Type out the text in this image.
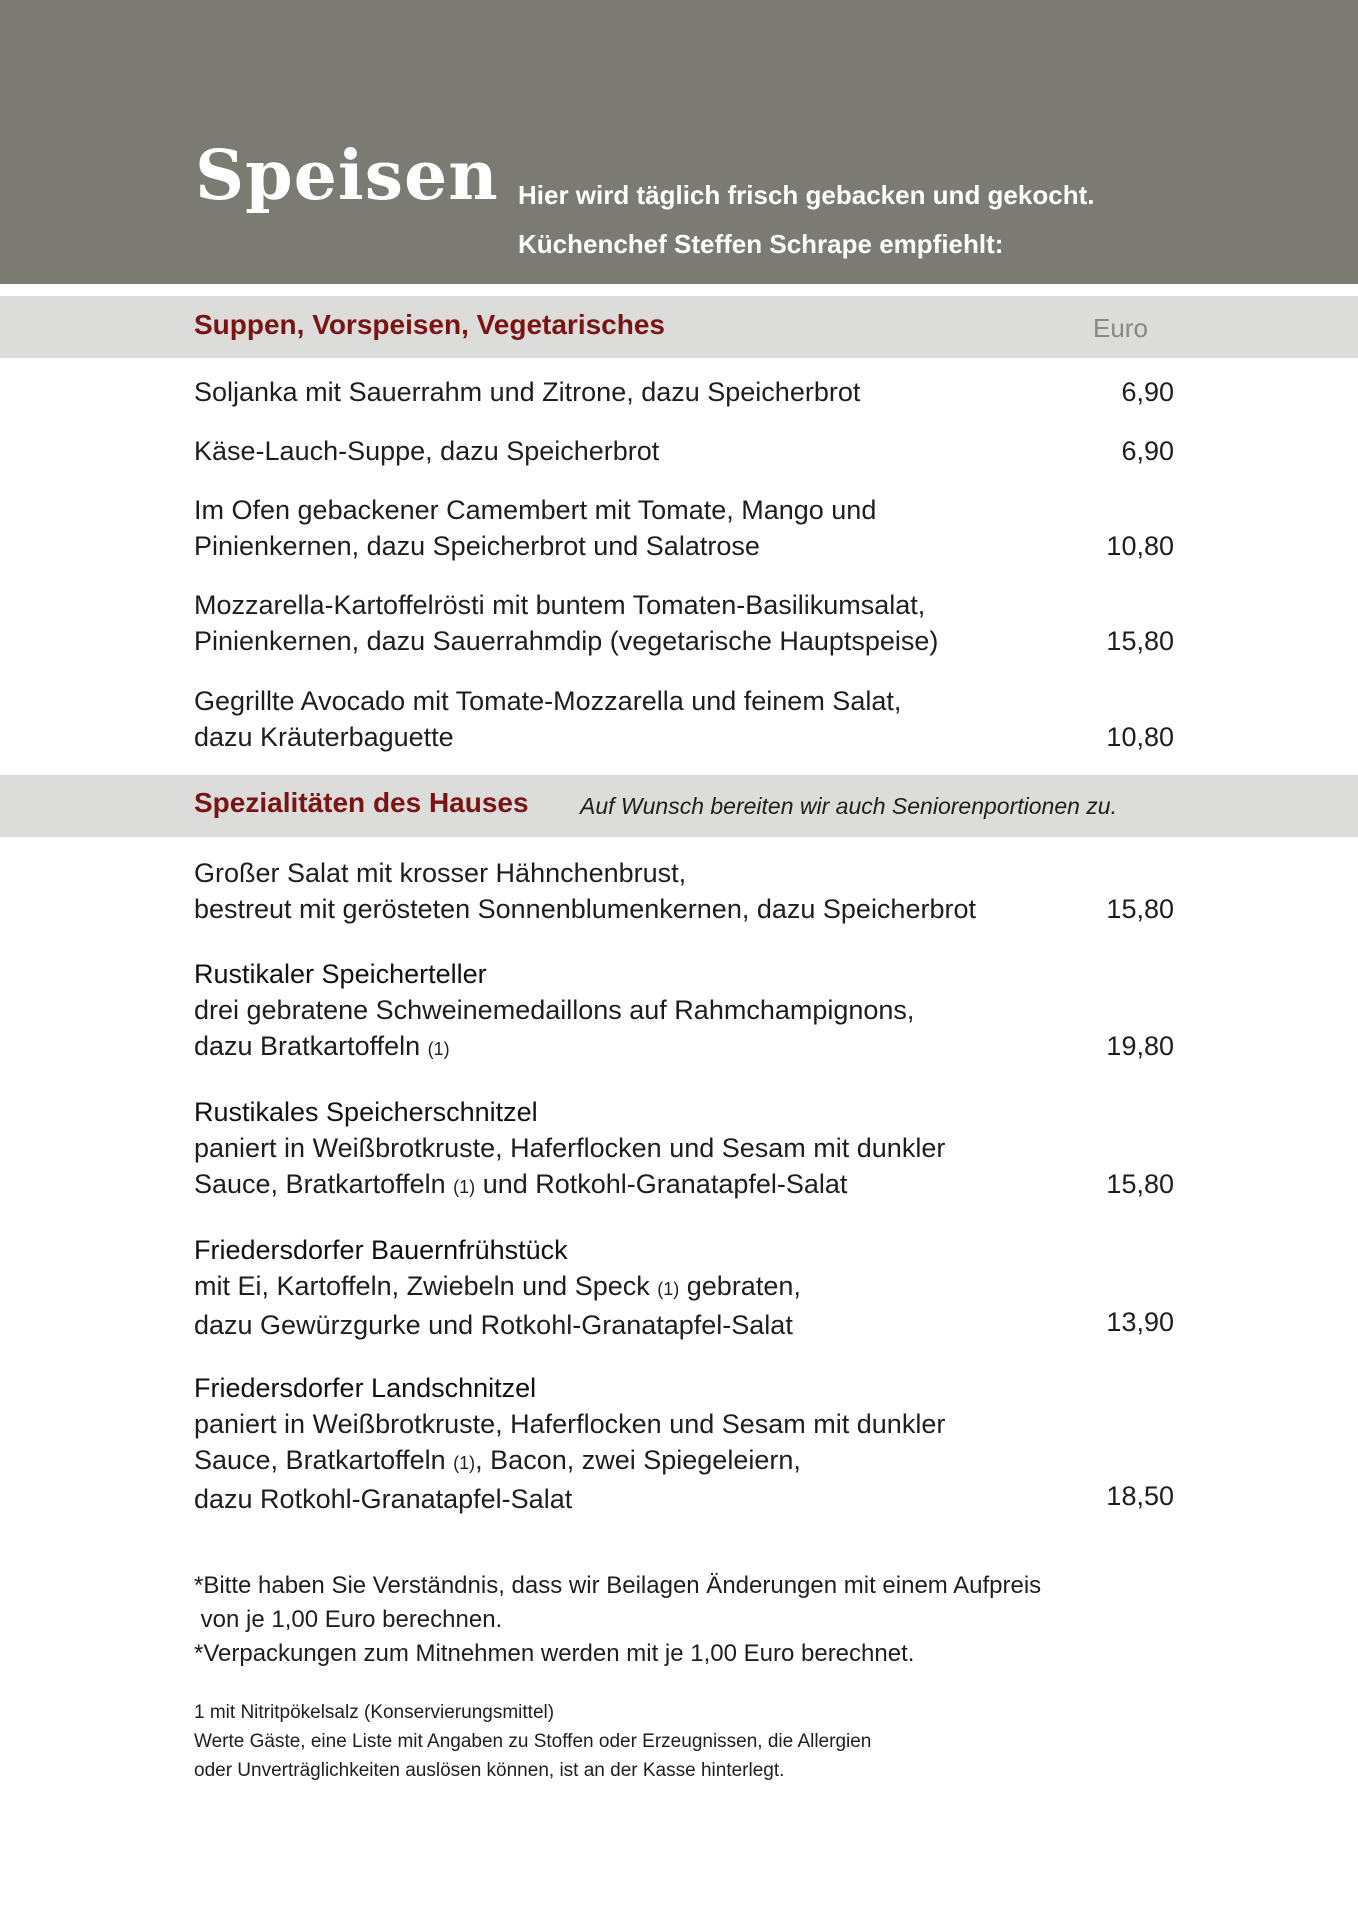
Speisen Hier wird täglich frisch gebacken und gekocht.
Küchenchef Steffen Schrape empfiehlt:
Suppen, Vorspeisen, Vegetarisches	Euro
Soljanka mit Sauerrahm und Zitrone, dazu Speicherbrot	6,90
Käse-Lauch-Suppe, dazu Speicherbrot	6,90
Im Ofen gebackener Camembert mit Tomate, Mango und
Pinienkernen, dazu Speicherbrot und Salatrose	10,80
Mozzarella-Kartoffelrösti mit buntem Tomaten-Basilikumsalat,
Pinienkernen, dazu Sauerrahmdip (vegetarische Hauptspeise)	15,80
Gegrillte Avocado mit Tomate-Mozzarella und feinem Salat,
dazu Kräuterbaguette	10,80
Spezialitäten des Hauses Auf Wunsch bereiten wir auch Seniorenportionen zu.
Großer Salat mit krosser Hähnchenbrust,
bestreut mit gerösteten Sonnenblumenkernen, dazu Speicherbrot	15,80
Rustikaler Speicherteller
drei gebratene Schweinemedaillons auf Rahmchampignons,
dazu Bratkartoffeln (1)	19,80
Rustikales Speicherschnitzel
paniert in Weißbrotkruste, Haferflocken und Sesam mit dunkler
Sauce, Bratkartoffeln (1) und Rotkohl-Granatapfel-Salat	15,80
Friedersdorfer Bauernfrühstück
mit Ei, Kartoffeln, Zwiebeln und Speck (1) gebraten,
dazu Gewürzgurke und Rotkohl-Granatapfel-Salat	13,90
Friedersdorfer Landschnitzel
paniert in Weißbrotkruste, Haferflocken und Sesam mit dunkler
Sauce, Bratkartoffeln (1), Bacon, zwei Spiegeleiern,
dazu Rotkohl-Granatapfel-Salat	18,50
*Bitte haben Sie Verständnis, dass wir Beilagen Änderungen mit einem Aufpreis
von je 1,00 Euro berechnen.
*Verpackungen zum Mitnehmen werden mit je 1,00 Euro berechnet.
1 mit Nitritpökelsalz (Konservierungsmittel)
Werte Gäste, eine Liste mit Angaben zu Stoffen oder Erzeugnissen, die Allergien
oder Unverträglichkeiten auslösen können, ist an der Kasse hinterlegt.
